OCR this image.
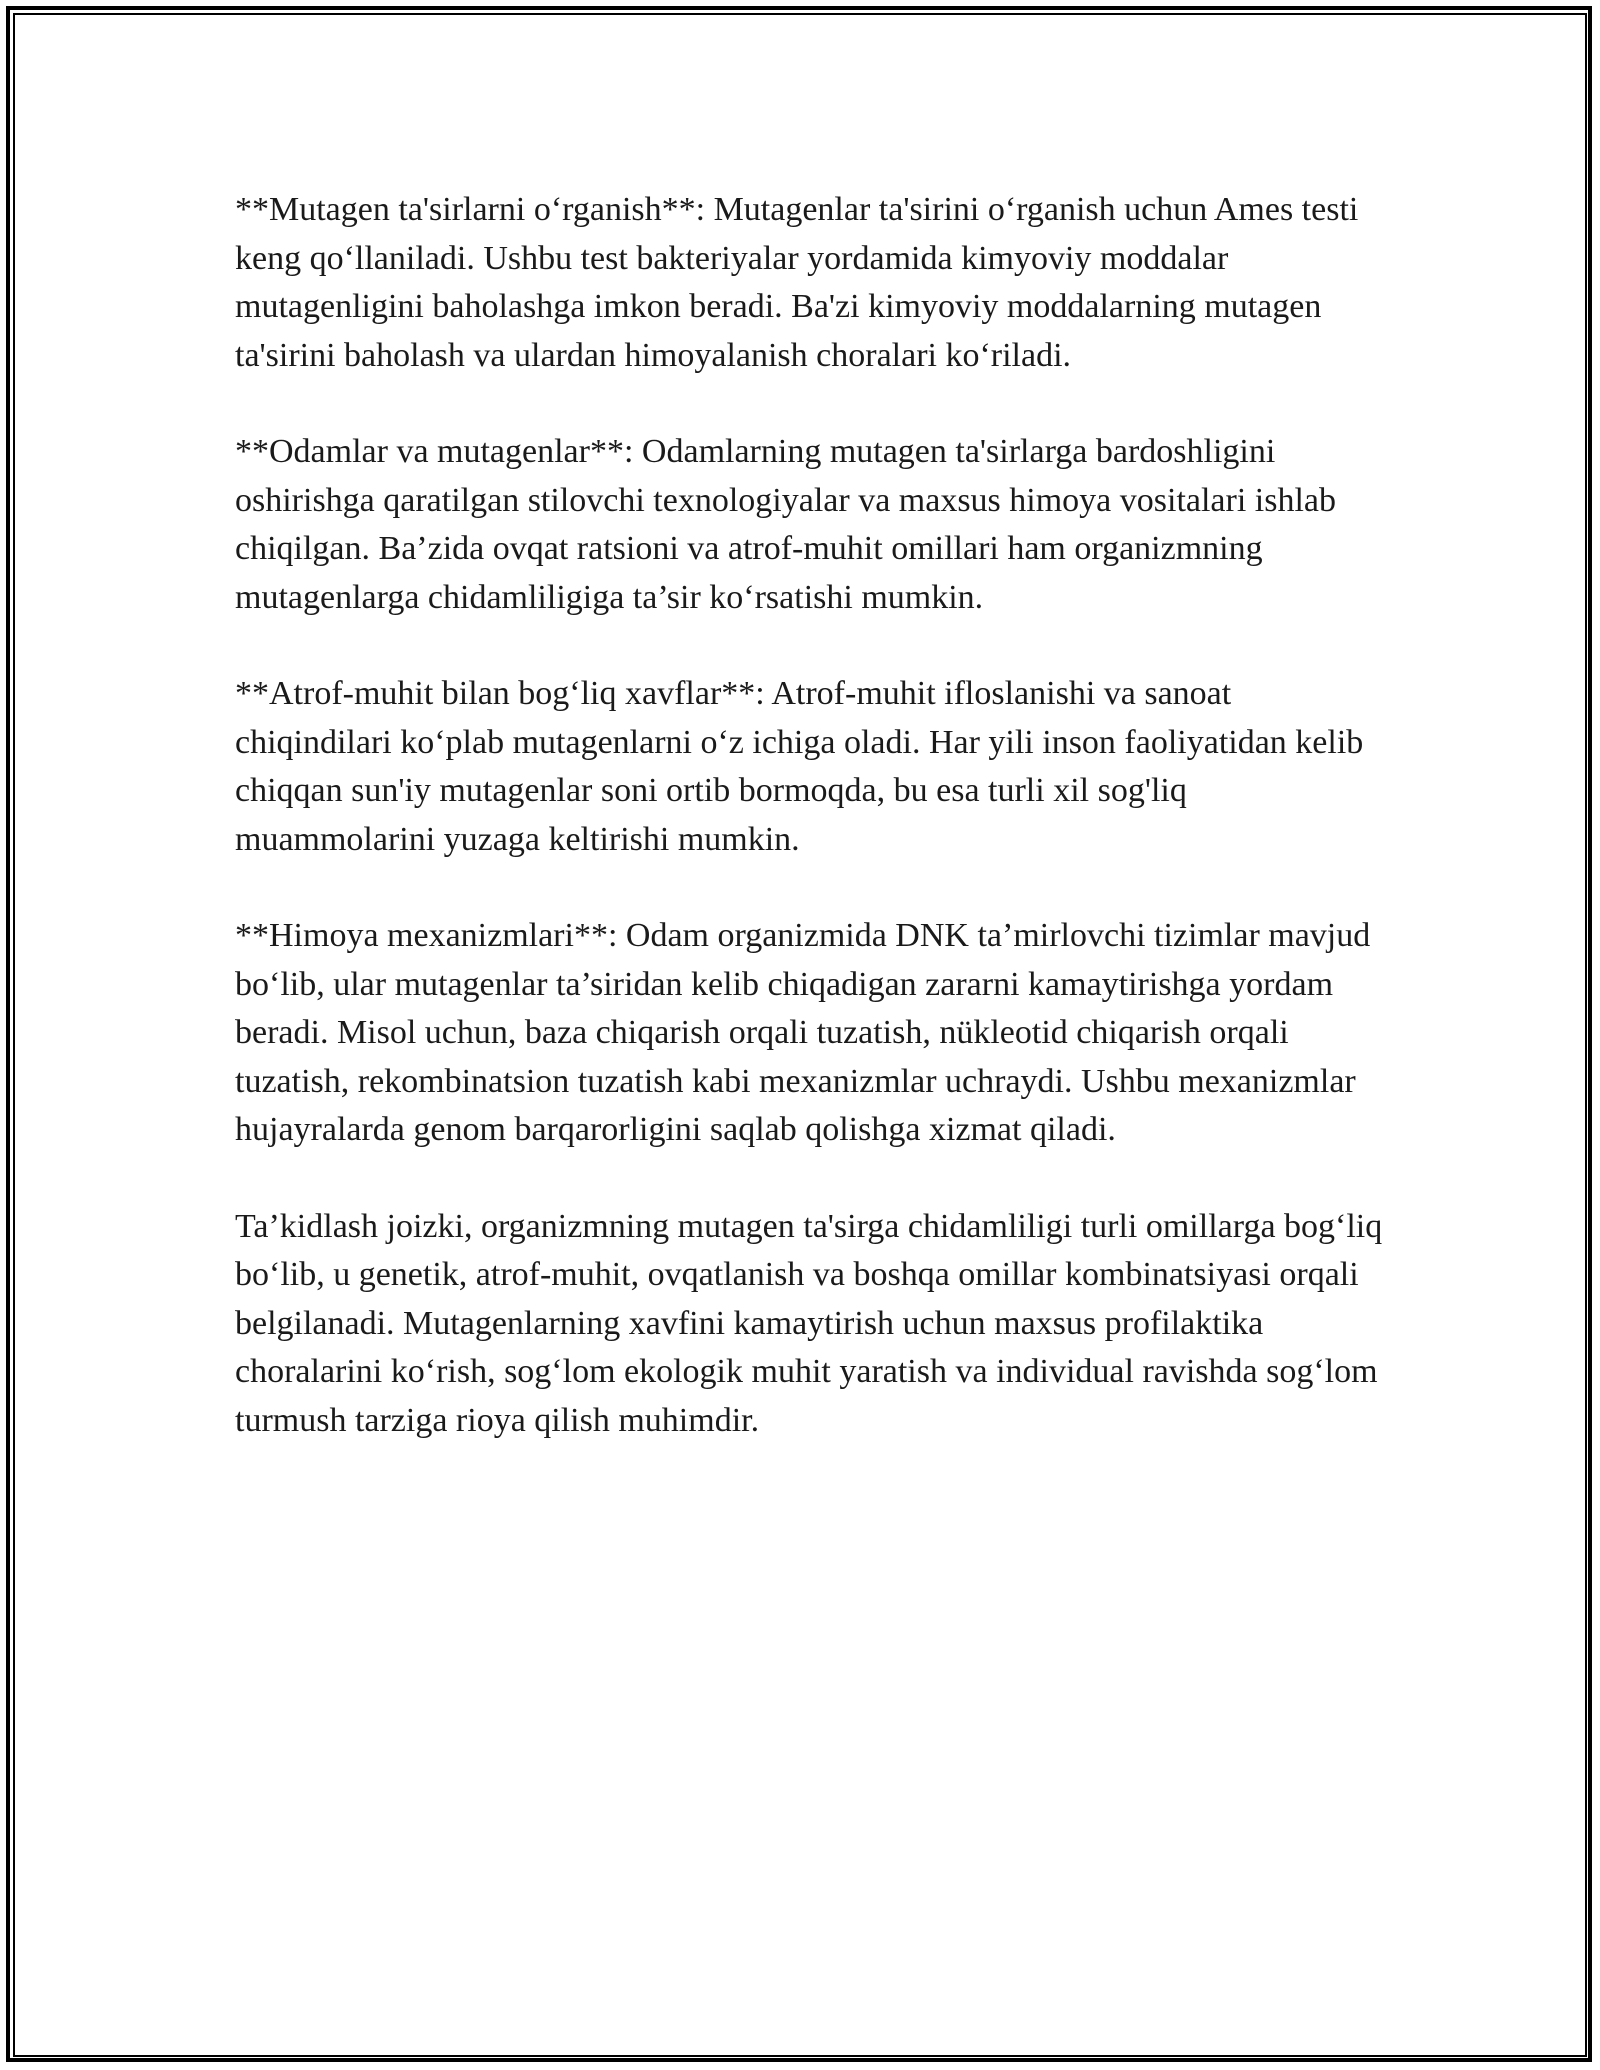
**Mutagen ta'sirlarni o‘rganish**: Mutagenlar ta'sirini o‘rganish uchun Ames testi keng qo‘llaniladi. Ushbu test bakteriyalar yordamida kimyoviy moddalar mutagenligini baholashga imkon beradi. Ba'zi kimyoviy moddalarning mutagen ta'sirini baholash va ulardan himoyalanish choralari ko‘riladi.

**Odamlar va mutagenlar**: Odamlarning mutagen ta'sirlarga bardoshligini oshirishga qaratilgan stilovchi texnologiyalar va maxsus himoya vositalari ishlab chiqilgan. Ba’zida ovqat ratsioni va atrof-muhit omillari ham organizmning mutagenlarga chidamliligiga ta’sir ko‘rsatishi mumkin.

**Atrof-muhit bilan bog‘liq xavflar**: Atrof-muhit ifloslanishi va sanoat chiqindilari ko‘plab mutagenlarni o‘z ichiga oladi. Har yili inson faoliyatidan kelib chiqqan sun'iy mutagenlar soni ortib bormoqda, bu esa turli xil sog'liq muammolarini yuzaga keltirishi mumkin.

**Himoya mexanizmlari**: Odam organizmida DNK ta’mirlovchi tizimlar mavjud bo‘lib, ular mutagenlar ta’siridan kelib chiqadigan zararni kamaytirishga yordam beradi. Misol uchun, baza chiqarish orqali tuzatish, nükleotid chiqarish orqali tuzatish, rekombinatsion tuzatish kabi mexanizmlar uchraydi. Ushbu mexanizmlar hujayralarda genom barqarorligini saqlab qolishga xizmat qiladi.

Ta’kidlash joizki, organizmning mutagen ta'sirga chidamliligi turli omillarga bog‘liq bo‘lib, u genetik, atrof-muhit, ovqatlanish va boshqa omillar kombinatsiyasi orqali belgilanadi. Mutagenlarning xavfini kamaytirish uchun maxsus profilaktika choralarini ko‘rish, sog‘lom ekologik muhit yaratish va individual ravishda sog‘lom turmush tarziga rioya qilish muhimdir.
